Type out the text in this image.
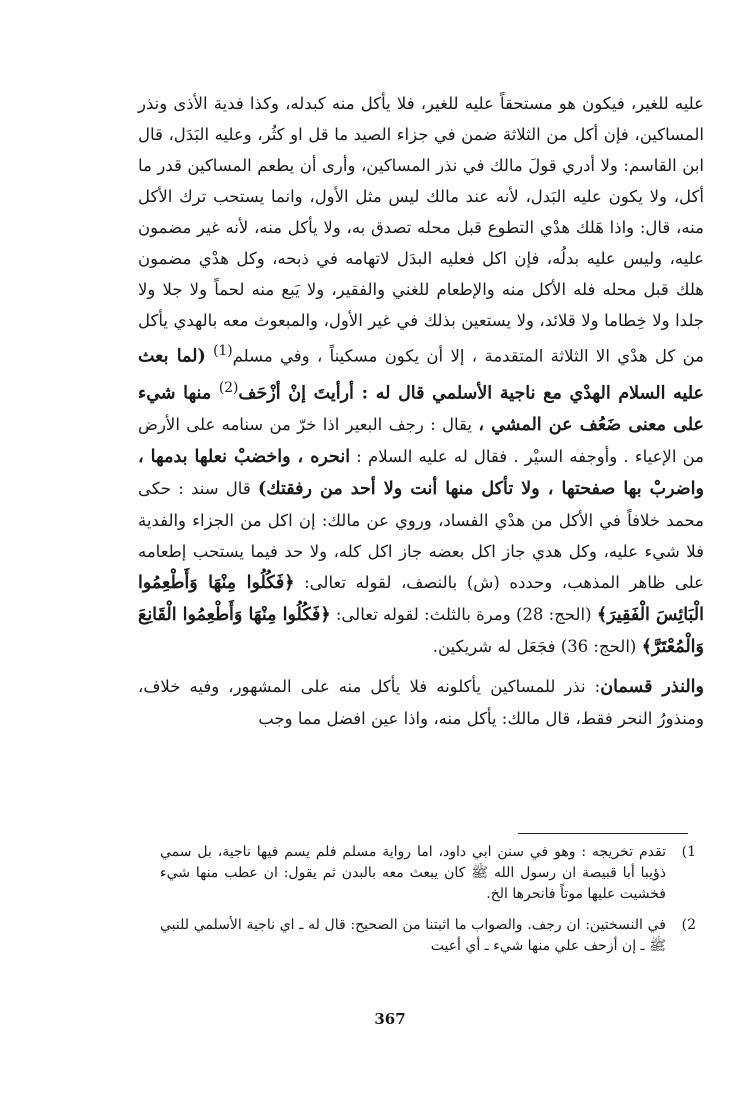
عليه للغير، فيكون هو مستحقاً عليه للغير، فلا يأكل منه كبدله، وكذا فدية الأذى ونذر المساكين، فإن أكل من الثلاثة ضمن في جزاء الصيد ما قل او كثُر، وعليه البَدَل، قال ابن القاسم: ولا أدري قولَ مالك في نذر المساكين، وأرى أن يطعم المساكين قدر ما أكل، ولا يكون عليه البَدل، لأنه عند مالك ليس مثل الأول، وانما يستحب ترك الأكل منه، قال: واذا هَلك هدْي التطوع قبل محله تصدق به، ولا يأكل منه، لأنه غير مضمون عليه، وليس عليه بدلُه، فإن اكل فعليه البدَل لاتهامه في ذبحه، وكل هدْي مضمون هلك قبل محله فله الأكل منه والإطعام للغني والفقير، ولا يَبع منه لحماً ولا جلا ولا جلدا ولا خِطاما ولا قلائد، ولا يستعين بذلك في غير الأول، والمبعوث معه بالهدي يأكل من كل هدْي الا الثلاثة المتقدمة ، إلا أن يكون مسكيناً ، وفي مسلم$^{(1)}$ (لما بعث عليه السلام الهدْي مع ناجية الأسلمي قال له : أرأيتَ إنْ أزْحَف$^{(2)}$ منها شيء على معنى ضَعُف عن المشي ، يقال : رجف البعير اذا خرّ من سنامه على الأرض من الإعياء . وأوجفه السيْر . فقال له عليه السلام : انحره ، واخضبْ نعلها بدمها ، واضربْ بها صفحتها ، ولا تأكل منها أنت ولا أحد من رفقتك) قال سند : حكى محمد خلافاً في الأكل من هدْي الفساد، وروي عن مالك: إن اكل من الجزاء والفدية فلا شيء عليه، وكل هدي جاز اكل بعضه جاز اكل كله، ولا حد فيما يستحب إطعامه على ظاهر المذهب، وحدده (ش) بالنصف، لقوله تعالى: ﴿فَكُلُوا مِنْهَا وَأَطْعِمُوا الْبَائِسَ الْفَقِيرَ﴾ (الحج: 28) ومرة بالثلث: لقوله تعالى: ﴿فَكُلُوا مِنْهَا وَأَطْعِمُوا الْقَانِعَ وَالْمُعْتَرَّ﴾ (الحج: 36) فجَعَل له شريكين.

والنذر قسمان: نذر للمساكين يأكلونه فلا يأكل منه على المشهور، وفيه خلاف، ومنذورُ النحر فقط، قال مالك: يأكل منه، واذا عين افضل مما وجب

(1
تقدم تخريجه : وهو في سنن ابي داود، اما رواية مسلم فلم يسم فيها ناجية، بل سمي ذؤيبا أبا قبيصة ان رسول الله ﷺ كان يبعث معه بالبدن ثم يقول: ان عطب منها شيء فخشيت عليها موتاً فانحرها الخ.
(2
في النسختين: ان رجف. والصواب ما اثبتنا من الصحيح: قال له ـ اي ناجية الأسلمي للنبي ﷺ ـ إن أزحف علي منها شيء ـ أي أعيت
367
